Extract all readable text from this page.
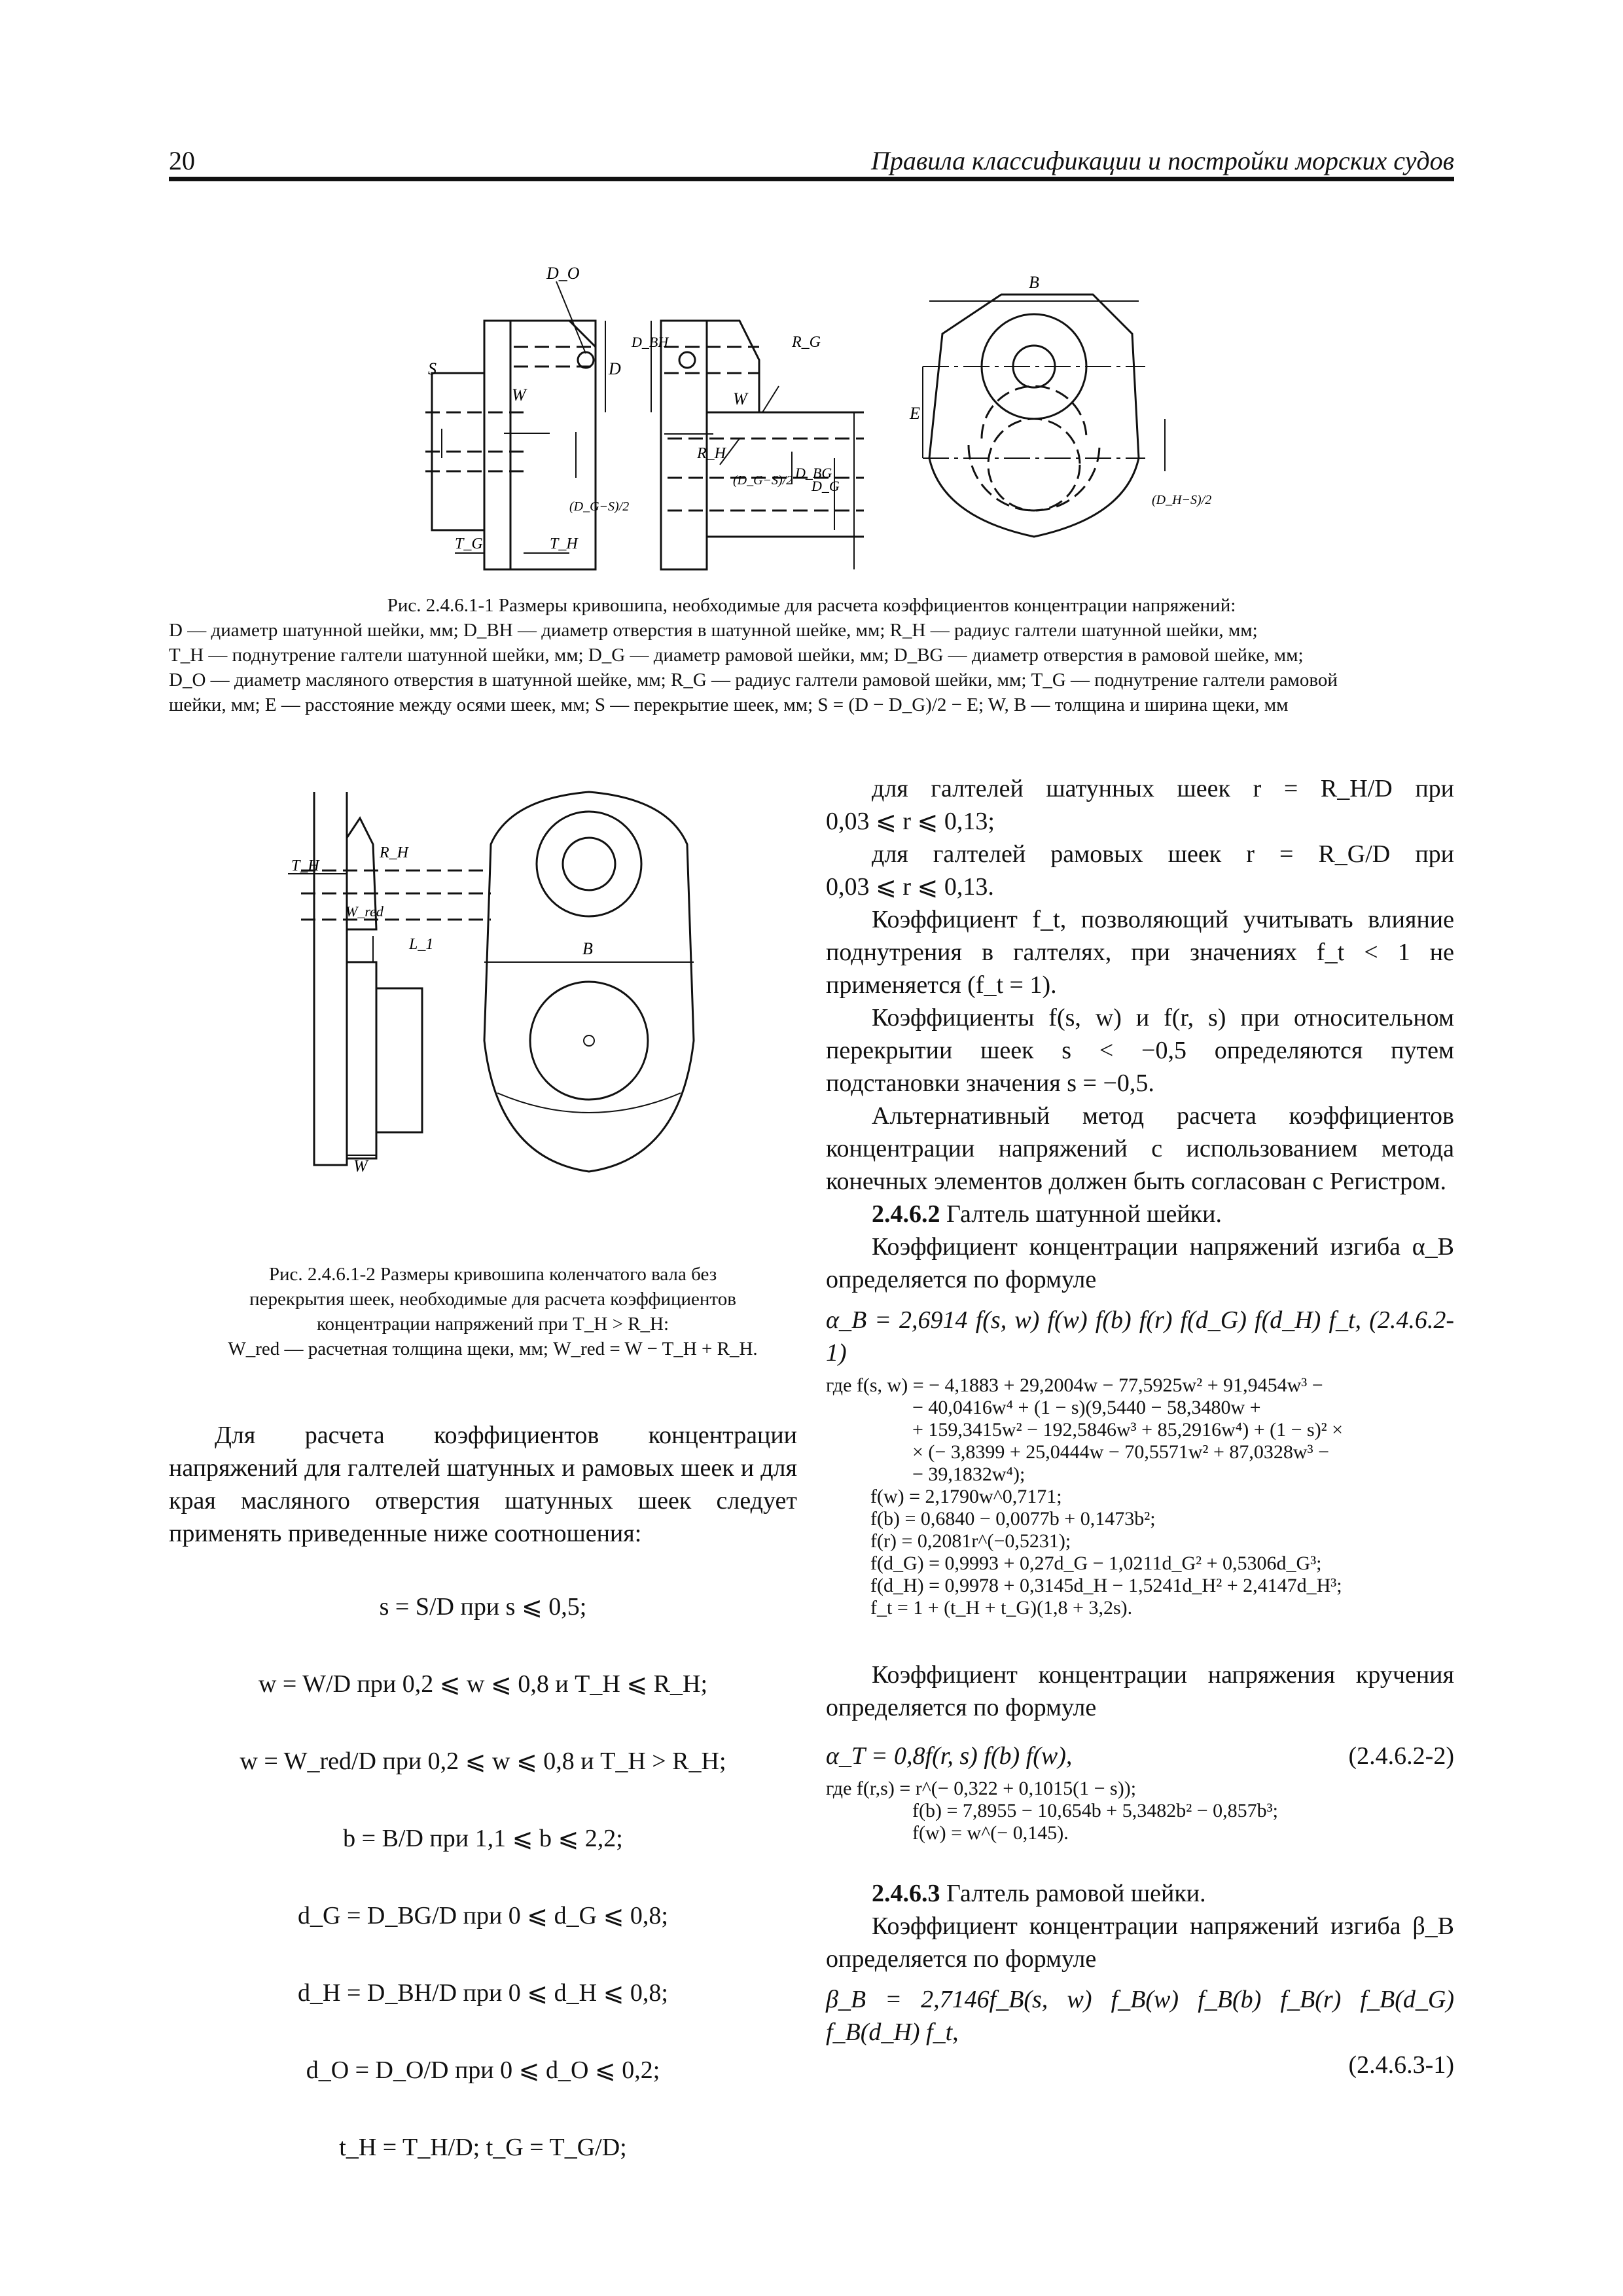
20	Правила классификации и постройки морских судов
D_O
S
W
D
D_BH
(D_G−S)/2
T_G	T_H
R_G
W
R_H
(D_G−S)/2 D_BG
D_G
B
E
(D_H−S)/2
Рис. 2.4.6.1-1 Размеры кривошипа, необходимые для расчета коэффициентов концентрации напряжений:
D — диаметр шатунной шейки, мм; D_BH — диаметр отверстия в шатунной шейке, мм; R_H — радиус галтели шатунной шейки, мм;
T_H — поднутрение галтели шатунной шейки, мм; D_G — диаметр рамовой шейки, мм; D_BG — диаметр отверстия в рамовой шейке, мм;
D_O — диаметр масляного отверстия в шатунной шейке, мм; R_G — радиус галтели рамовой шейки, мм; T_G — поднутрение галтели рамовой
шейки, мм; E — расстояние между осями шеек, мм; S — перекрытие шеек, мм; S = (D − D_G)/2 − E; W, B — толщина и ширина щеки, мм
T_H
R_H
W_red
L_1	B
W
Рис. 2.4.6.1-2 Размеры кривошипа коленчатого вала без
перекрытия шеек, необходимые для расчета коэффициентов
концентрации напряжений при T_H > R_H:
W_red — расчетная толщина щеки, мм; W_red = W − T_H + R_H.

Для расчета коэффициентов концентрации напряжений для галтелей шатунных и рамовых шеек и для края масляного отверстия шатунных шеек следует применять приведенные ниже соотношения:

s = S/D при s ⩽ 0,5;
w = W/D при 0,2 ⩽ w ⩽ 0,8 и T_H ⩽ R_H;
w = W_red/D при 0,2 ⩽ w ⩽ 0,8 и T_H > R_H;
b = B/D при 1,1 ⩽ b ⩽ 2,2;
d_G = D_BG/D при 0 ⩽ d_G ⩽ 0,8;
d_H = D_BH/D при 0 ⩽ d_H ⩽ 0,8;
d_O = D_O/D при 0 ⩽ d_O ⩽ 0,2;
t_H = T_H/D; t_G = T_G/D;

для галтелей шатунных шеек r = R_H/D при

0,03 ⩽ r ⩽ 0,13;

для галтелей рамовых шеек r = R_G/D при

0,03 ⩽ r ⩽ 0,13.

Коэффициент f_t, позволяющий учитывать влияние поднутрения в галтелях, при значениях f_t < 1 не применяется (f_t = 1).

Коэффициенты f(s, w) и f(r, s) при относительном перекрытии шеек s < −0,5 определяются путем подстановки значения s = −0,5.

Альтернативный метод расчета коэффициентов концентрации напряжений с использованием метода конечных элементов должен быть согласован с Регистром.

2.4.6.2 Галтель шатунной шейки.

Коэффициент концентрации напряжений изгиба α_B определяется по формуле

α_B = 2,6914 f(s, w) f(w) f(b) f(r) f(d_G) f(d_H) f_t, (2.4.6.2-1)

где f(s, w) = − 4,1883 + 29,2004w − 77,5925w² + 91,9454w³ −
− 40,0416w⁴ + (1 − s)(9,5440 − 58,3480w +
+ 159,3415w² − 192,5846w³ + 85,2916w⁴) + (1 − s)² ×
× (− 3,8399 + 25,0444w − 70,5571w² + 87,0328w³ −
− 39,1832w⁴);
f(w) = 2,1790w^0,7171;
f(b) = 0,6840 − 0,0077b + 0,1473b²;
f(r) = 0,2081r^(−0,5231);
f(d_G) = 0,9993 + 0,27d_G − 1,0211d_G² + 0,5306d_G³;
f(d_H) = 0,9978 + 0,3145d_H − 1,5241d_H² + 2,4147d_H³;
f_t = 1 + (t_H + t_G)(1,8 + 3,2s).

Коэффициент концентрации напряжения кручения определяется по формуле

α_T = 0,8f(r, s) f(b) f(w),	(2.4.6.2-2)
где f(r,s) = r^(− 0,322 + 0,1015(1 − s));
f(b) = 7,8955 − 10,654b + 5,3482b² − 0,857b³;
f(w) = w^(− 0,145).

2.4.6.3 Галтель рамовой шейки.

Коэффициент концентрации напряжений изгиба β_B определяется по формуле

β_B = 2,7146f_B(s, w) f_B(w) f_B(b) f_B(r) f_B(d_G) f_B(d_H) f_t,

(2.4.6.3-1)
